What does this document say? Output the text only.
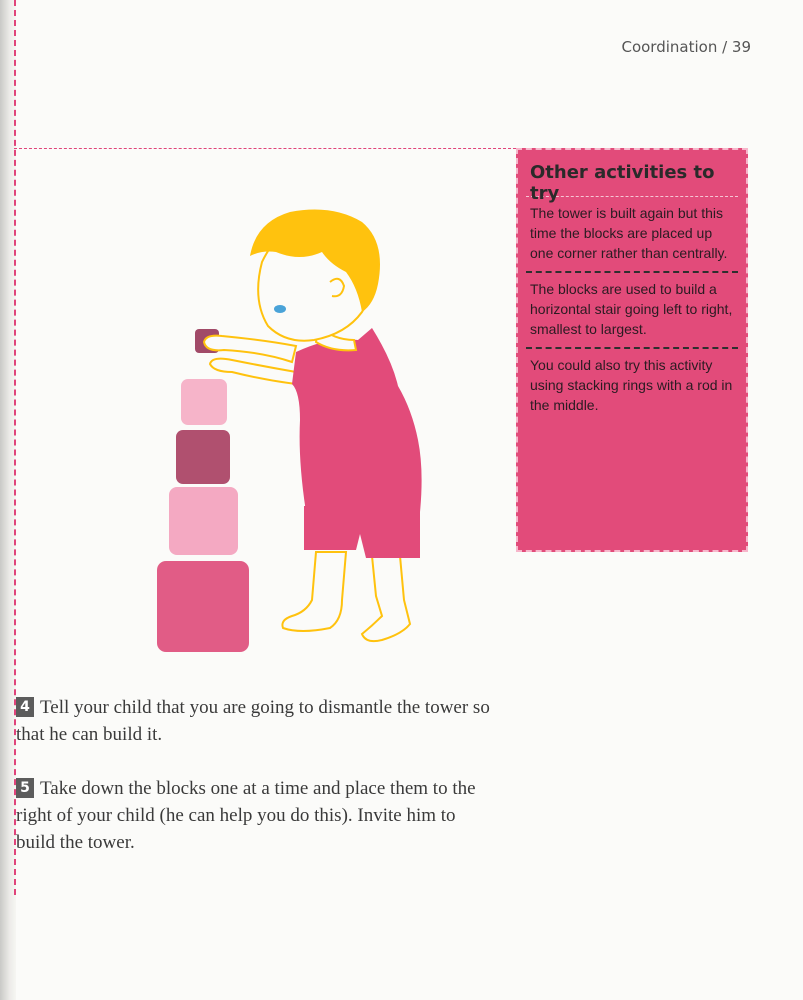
Coordination / 39
Other activities to try
The tower is built again but this time the blocks are placed up one corner rather than centrally.
The blocks are used to build a horizontal stair going left to right, smallest to largest.
You could also try this activity using stacking rings with a rod in the middle.
4 Tell your child that you are going to dismantle the tower so that he can build it.
5 Take down the blocks one at a time and place them to the right of your child (he can help you do this). Invite him to build the tower.
